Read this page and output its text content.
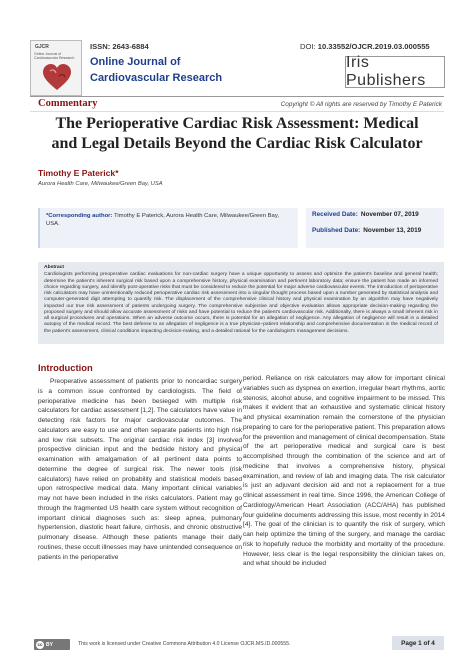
GJCR
Online Journal of Cardiovascular Research
ISSN: 2643-6884
Online Journal of
Cardiovascular Research
DOI: 10.33552/OJCR.2019.03.000555
Iris Publishers
Commentary	Copyright © All rights are reserved by Timothy E Paterick
The Perioperative Cardiac Risk Assessment: Medical
and Legal Details Beyond the Cardiac Risk Calculator
Timothy E Paterick*
Aurora Health Care, Milwaukee/Green Bay, USA
*Corresponding author: Timothy E Paterick, Aurora Health Care, Milwaukee/Green Bay, USA.
Received Date: November 07, 2019
Published Date: November 13, 2019
Abstract
Cardiologists performing preoperative cardiac evaluations for non-cardiac surgery have a unique opportunity to assess and optimize the patient's baseline and general health; determine the patient's inherent surgical risk based upon a comprehensive history, physical examination and pertinent laboratory data; ensure the patient has made an informed choice regarding surgery, and identify post-operative risks that must be considered to reduce the potential for major adverse cardiovascular events. The introduction of perioperative risk calculators may have unintentionally reduced perioperative cardiac risk assessment into a singular thought process based upon a number generated by statistical analysis and computer-generated digit attempting to quantify risk. The displacement of the comprehensive clinical history and physical examination by an algorithm may have negatively impacted our true risk assessment of patients undergoing surgery. The comprehensive subjective and objective evaluation allows appropriate decision-making regarding the proposed surgery and should allow accurate assessment of risks and have potential to reduce the patient's cardiovascular risk. Additionally, there is always a small inherent risk in all surgical procedures and operations. When an adverse outcome occurs, there is potential for an allegation of negligence. Any allegation of negligence will result in a detailed autopsy of the medical record. The best defense to an allegation of negligence is a true physician–patient relationship and comprehensive documentation in the medical record of the patient's assessment, clinical conditions impacting decision-making, and a detailed rational for the cardiologist's management decisions.
Introduction
Preoperative assessment of patients prior to noncardiac surgery is a common issue confronted by cardiologists. The field of perioperative medicine has been besieged with multiple risk calculators for cardiac assessment [1,2]. The calculators have value in detecting risk factors for major cardiovascular outcomes. The calculators are easy to use and often separate patients into high risk and low risk subsets. The original cardiac risk index [3] involved prospective clinician input and the bedside history and physical examination with amalgamation of all pertinent data points to determine the degree of surgical risk. The newer tools (risk calculators) have relied on probability and statistical models based upon retrospective medical data. Many important clinical variables may not have been included in the risks calculators. Patient may go through the fragmented US health care system without recognition of important clinical diagnoses such as: sleep apnea, pulmonary hypertension, diastolic heart failure, cirrhosis, and chronic obstructive pulmonary disease. Although these patients manage their daily routines, these occult illnesses may have unintended consequence on patients in the perioperative
period. Reliance on risk calculators may allow for important clinical variables such as dyspnea on exertion, irregular heart rhythms, aortic stenosis, alcohol abuse, and cognitive impairment to be missed. This makes it evident that an exhaustive and systematic clinical history and physical examination remain the cornerstone of the physician preparing to care for the perioperative patient. This preparation allows for the prevention and management of clinical decompensation. State of the art perioperative medical and surgical care is best accomplished through the combination of the science and art of medicine that involves a comprehensive history, physical examination, and review of lab and imaging data. The risk calculator is just an adjuvant decision aid and not a replacement for a true clinical assessment in real time. Since 1996, the American College of Cardiology/American Heart Association (ACC/AHA) has published four guideline documents addressing this issue, most recently in 2014 [4]. The goal of the clinician is to quantify the risk of surgery, which can help optimize the timing of the surgery, and manage the cardiac risk to hopefully reduce the morbidity and mortality of the procedure. However, less clear is the legal responsibility the clinician takes on, and what should be included
cc BY	This work is licensed under Creative Commons Attribution 4.0 License OJCR.MS.ID.000555.	Page 1 of 4
